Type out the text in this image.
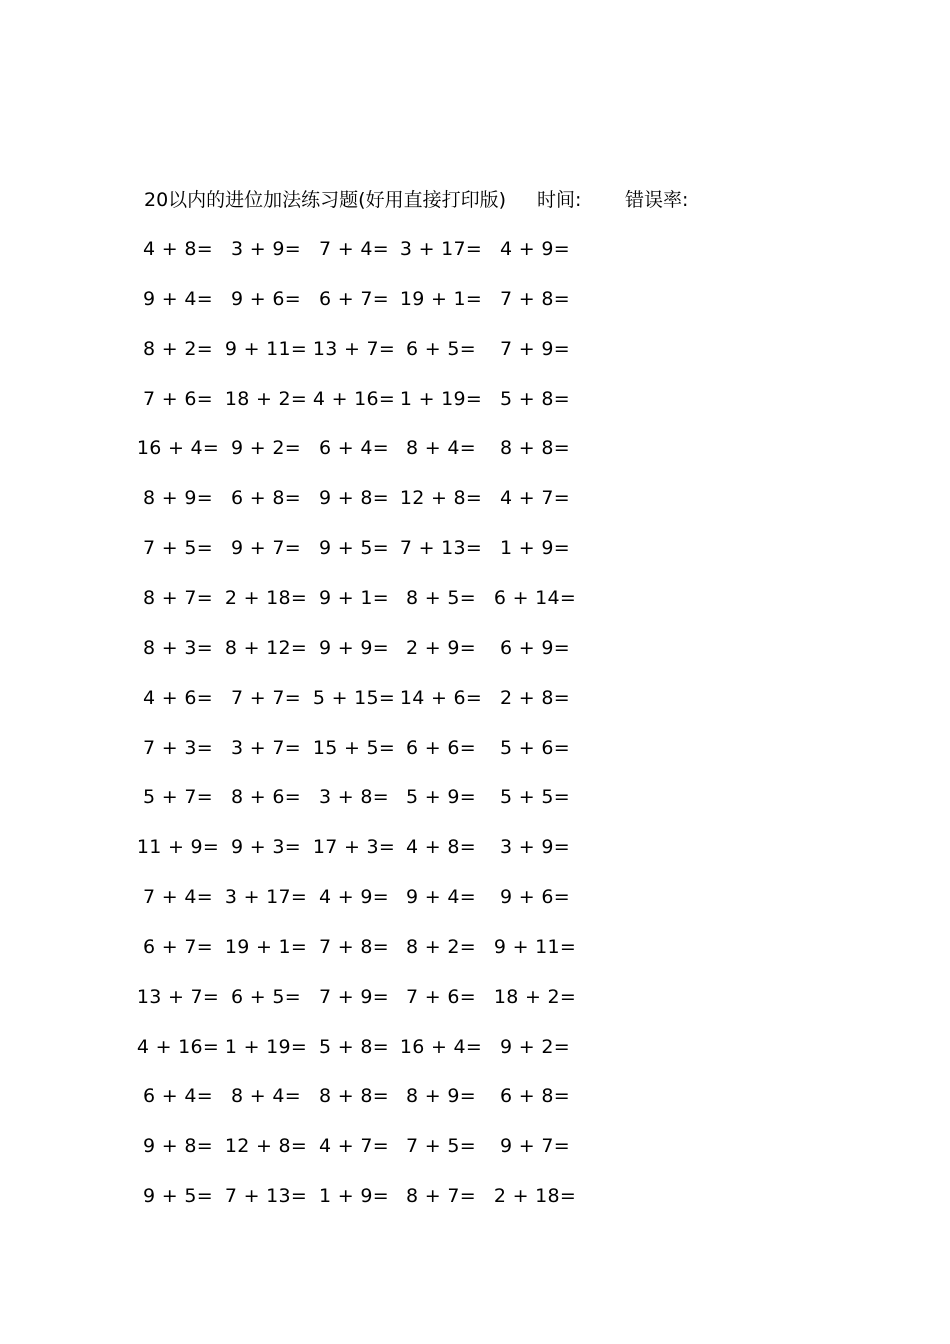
20以内的进位加法练习题(好用直接打印版) 时间: 错误率:
4 + 8= 3 + 9= 7 + 4= 3 + 17= 4 + 9=
9 + 4= 9 + 6= 6 + 7= 19 + 1= 7 + 8=
8 + 2= 9 + 11= 13 + 7= 6 + 5= 7 + 9=
7 + 6= 18 + 2= 4 + 16= 1 + 19= 5 + 8=
16 + 4= 9 + 2= 6 + 4= 8 + 4= 8 + 8=
8 + 9= 6 + 8= 9 + 8= 12 + 8= 4 + 7=
7 + 5= 9 + 7= 9 + 5= 7 + 13= 1 + 9=
8 + 7= 2 + 18= 9 + 1= 8 + 5= 6 + 14=
8 + 3= 8 + 12= 9 + 9= 2 + 9= 6 + 9=
4 + 6= 7 + 7= 5 + 15= 14 + 6= 2 + 8=
7 + 3= 3 + 7= 15 + 5= 6 + 6= 5 + 6=
5 + 7= 8 + 6= 3 + 8= 5 + 9= 5 + 5=
11 + 9= 9 + 3= 17 + 3= 4 + 8= 3 + 9=
7 + 4= 3 + 17= 4 + 9= 9 + 4= 9 + 6=
6 + 7= 19 + 1= 7 + 8= 8 + 2= 9 + 11=
13 + 7= 6 + 5= 7 + 9= 7 + 6= 18 + 2=
4 + 16= 1 + 19= 5 + 8= 16 + 4= 9 + 2=
6 + 4= 8 + 4= 8 + 8= 8 + 9= 6 + 8=
9 + 8= 12 + 8= 4 + 7= 7 + 5= 9 + 7=
9 + 5= 7 + 13= 1 + 9= 8 + 7= 2 + 18=
